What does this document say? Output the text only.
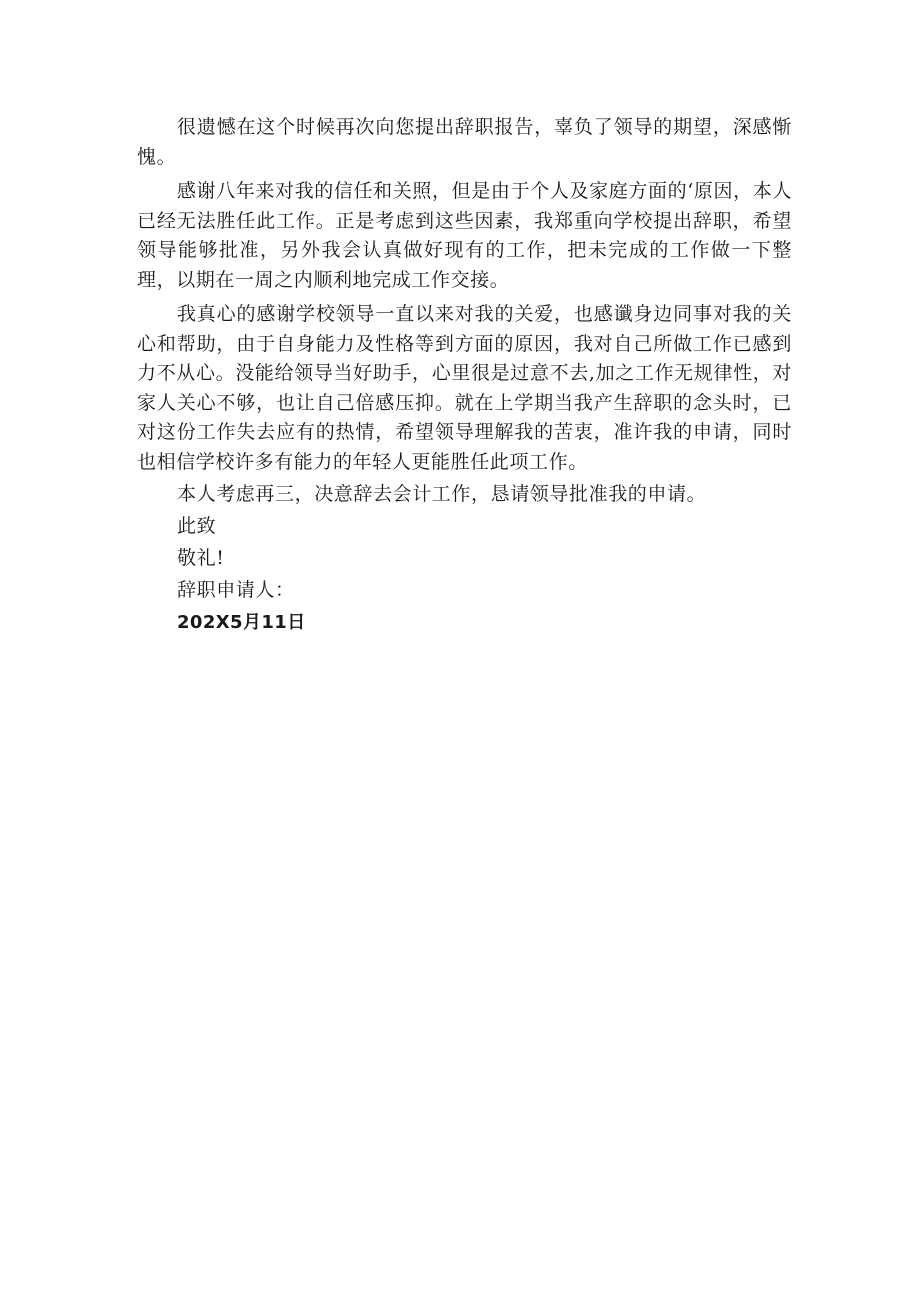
很遗憾在这个时候再次向您提出辞职报告，辜负了领导的期望，深感惭愧。

感谢八年来对我的信任和关照，但是由于个人及家庭方面的‘原因，本人已经无法胜任此工作。正是考虑到这些因素，我郑重向学校提出辞职，希望领导能够批准，另外我会认真做好现有的工作，把未完成的工作做一下整理，以期在一周之内顺利地完成工作交接。

我真心的感谢学校领导一直以来对我的关爱，也感谶身边同事对我的关心和帮助，由于自身能力及性格等到方面的原因，我对自己所做工作已感到力不从心。没能给领导当好助手，心里很是过意不去,加之工作无规律性，对家人关心不够，也让自己倍感压抑。就在上学期当我产生辞职的念头时，已对这份工作失去应有的热情，希望领导理解我的苦衷，准许我的申请，同时也相信学校许多有能力的年轻人更能胜任此项工作。

本人考虑再三，决意辞去会计工作，恳请领导批准我的申请。

此致

敬礼!

辞职申请人：

202X5月11日
